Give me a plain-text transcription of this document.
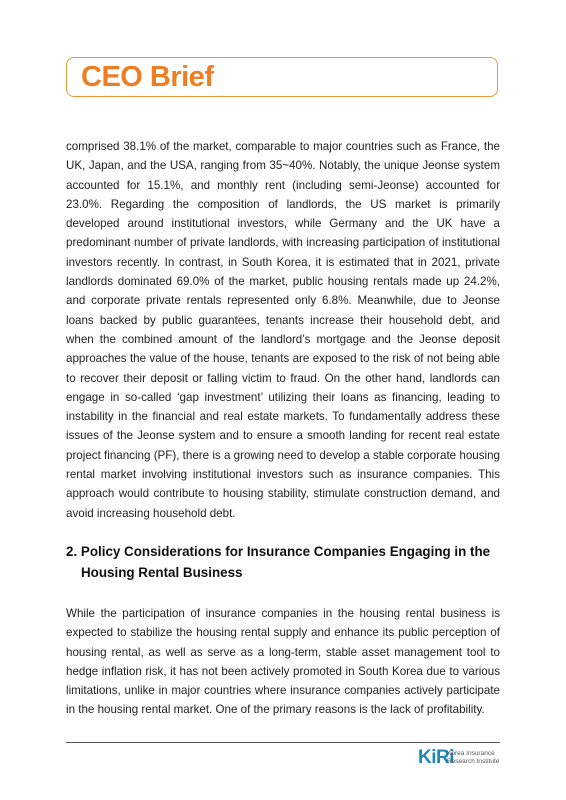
CEO Brief

comprised 38.1% of the market, comparable to major countries such as France, the UK, Japan, and the USA, ranging from 35~40%. Notably, the unique Jeonse system accounted for 15.1%, and monthly rent (including semi-Jeonse) accounted for 23.0%. Regarding the composition of landlords, the US market is primarily developed around institutional investors, while Germany and the UK have a predominant number of private landlords, with increasing participation of institutional investors recently. In contrast, in South Korea, it is estimated that in 2021, private landlords dominated 69.0% of the market, public housing rentals made up 24.2%, and corporate private rentals represented only 6.8%. Meanwhile, due to Jeonse loans backed by public guarantees, tenants increase their household debt, and when the combined amount of the landlord’s mortgage and the Jeonse deposit approaches the value of the house, tenants are exposed to the risk of not being able to recover their deposit or falling victim to fraud. On the other hand, landlords can engage in so-called ‘gap investment’ utilizing their loans as financing, leading to instability in the financial and real estate markets. To fundamentally address these issues of the Jeonse system and to ensure a smooth landing for recent real estate project financing (PF), there is a growing need to develop a stable corporate housing rental market involving institutional investors such as insurance companies. This approach would contribute to housing stability, stimulate construction demand, and avoid increasing household debt.

2. Policy Considerations for Insurance Companies Engaging in the Housing Rental Business

While the participation of insurance companies in the housing rental business is expected to stabilize the housing rental supply and enhance its public perception of housing rental, as well as serve as a long-term, stable asset management tool to hedge inflation risk, it has not been actively promoted in South Korea due to various limitations, unlike in major countries where insurance companies actively participate in the housing rental market. One of the primary reasons is the lack of profitability.

KiRi
Korea Insurance
Research Institute
